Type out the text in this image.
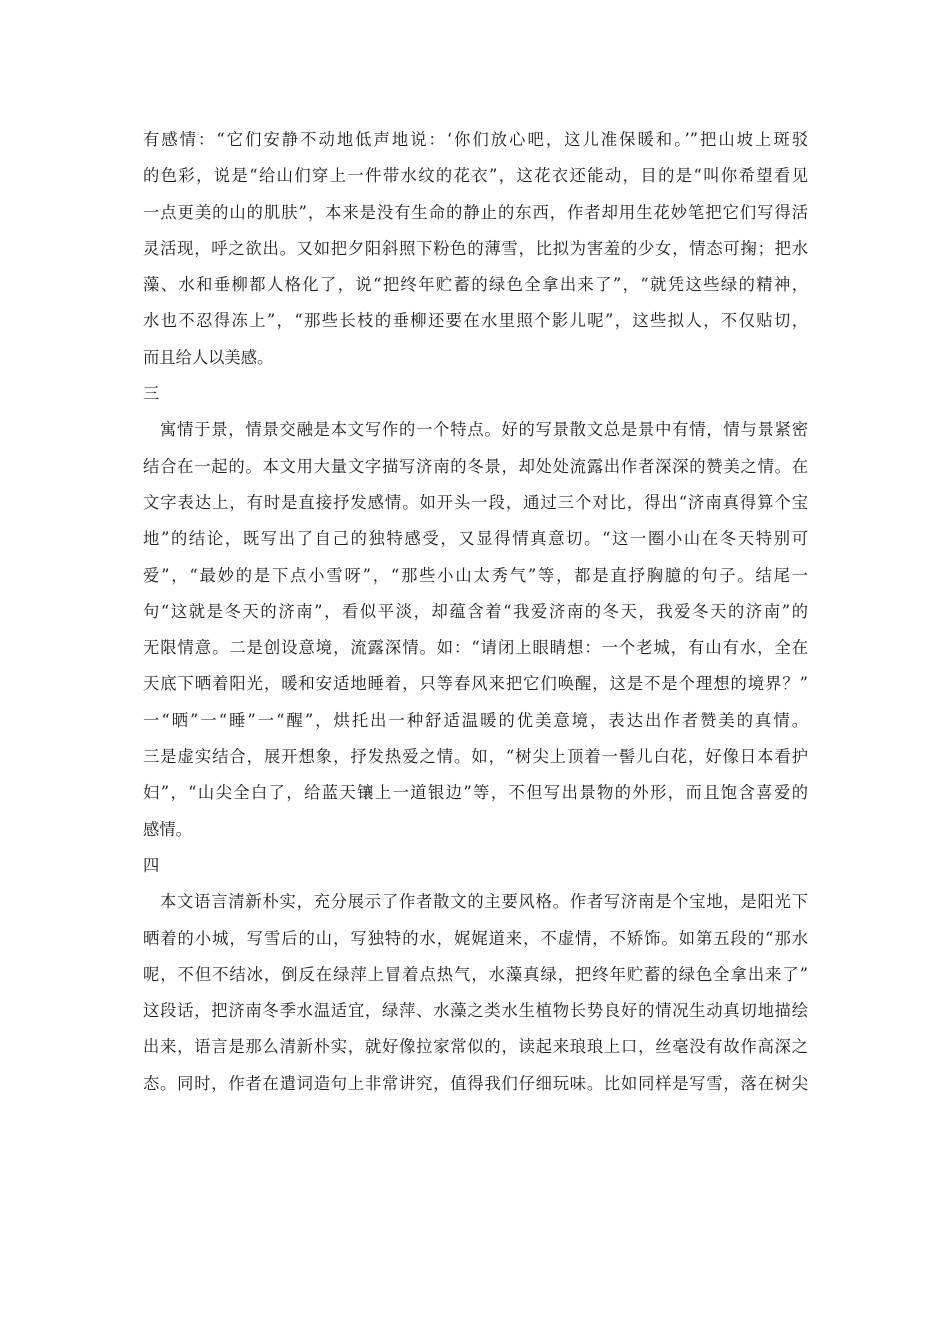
有感情：“它们安静不动地低声地说：‘你们放心吧，这儿准保暖和。’”把山坡上斑驳
的色彩，说是“给山们穿上一件带水纹的花衣”，这花衣还能动，目的是“叫你希望看见
一点更美的山的肌肤”，本来是没有生命的静止的东西，作者却用生花妙笔把它们写得活
灵活现，呼之欲出。又如把夕阳斜照下粉色的薄雪，比拟为害羞的少女，情态可掬；把水
藻、水和垂柳都人格化了，说“把终年贮蓄的绿色全拿出来了”，“就凭这些绿的精神，
水也不忍得冻上”，“那些长枝的垂柳还要在水里照个影儿呢”，这些拟人，不仅贴切，
而且给人以美感。
三
寓情于景，情景交融是本文写作的一个特点。好的写景散文总是景中有情，情与景紧密
结合在一起的。本文用大量文字描写济南的冬景，却处处流露出作者深深的赞美之情。在
文字表达上，有时是直接抒发感情。如开头一段，通过三个对比，得出“济南真得算个宝
地”的结论，既写出了自己的独特感受，又显得情真意切。“这一圈小山在冬天特别可
爱”，“最妙的是下点小雪呀”，“那些小山太秀气”等，都是直抒胸臆的句子。结尾一
句“这就是冬天的济南”，看似平淡，却蕴含着“我爱济南的冬天，我爱冬天的济南”的
无限情意。二是创设意境，流露深情。如：“请闭上眼睛想：一个老城，有山有水，全在
天底下晒着阳光，暖和安适地睡着，只等春风来把它们唤醒，这是不是个理想的境界？”
一“晒”一“睡”一“醒”，烘托出一种舒适温暖的优美意境，表达出作者赞美的真情。
三是虚实结合，展开想象，抒发热爱之情。如，“树尖上顶着一髻儿白花，好像日本看护
妇”，“山尖全白了，给蓝天镶上一道银边”等，不但写出景物的外形，而且饱含喜爱的
感情。
四
本文语言清新朴实，充分展示了作者散文的主要风格。作者写济南是个宝地，是阳光下
晒着的小城，写雪后的山，写独特的水，娓娓道来，不虚情，不矫饰。如第五段的“那水
呢，不但不结冰，倒反在绿萍上冒着点热气，水藻真绿，把终年贮蓄的绿色全拿出来了”
这段话，把济南冬季水温适宜，绿萍、水藻之类水生植物长势良好的情况生动真切地描绘
出来，语言是那么清新朴实，就好像拉家常似的，读起来琅琅上口，丝毫没有故作高深之
态。同时，作者在遣词造句上非常讲究，值得我们仔细玩味。比如同样是写雪，落在树尖
